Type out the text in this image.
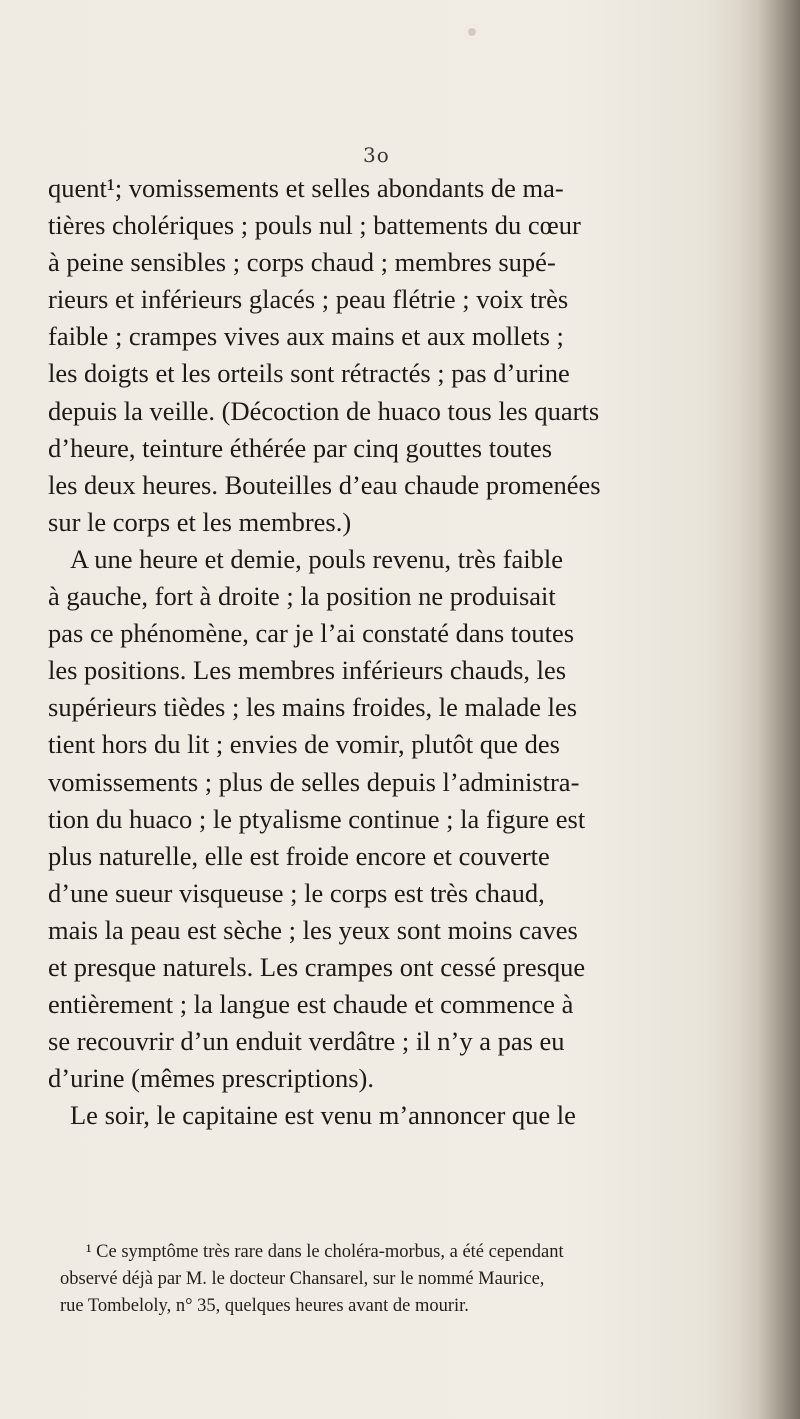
3o
quent¹; vomissements et selles abondants de ma-
tières cholériques ; pouls nul ; battements du cœur
à peine sensibles ; corps chaud ; membres supé-
rieurs et inférieurs glacés ; peau flétrie ; voix très
faible ; crampes vives aux mains et aux mollets ;
les doigts et les orteils sont rétractés ; pas d’urine
depuis la veille. (Décoction de huaco tous les quarts
d’heure, teinture éthérée par cinq gouttes toutes
les deux heures. Bouteilles d’eau chaude promenées
sur le corps et les membres.)
A une heure et demie, pouls revenu, très faible
à gauche, fort à droite ; la position ne produisait
pas ce phénomène, car je l’ai constaté dans toutes
les positions. Les membres inférieurs chauds, les
supérieurs tièdes ; les mains froides, le malade les
tient hors du lit ; envies de vomir, plutôt que des
vomissements ; plus de selles depuis l’administra-
tion du huaco ; le ptyalisme continue ; la figure est
plus naturelle, elle est froide encore et couverte
d’une sueur visqueuse ; le corps est très chaud,
mais la peau est sèche ; les yeux sont moins caves
et presque naturels. Les crampes ont cessé presque
entièrement ; la langue est chaude et commence à
se recouvrir d’un enduit verdâtre ; il n’y a pas eu
d’urine (mêmes prescriptions).
Le soir, le capitaine est venu m’annoncer que le
¹ Ce symptôme très rare dans le choléra-morbus, a été cependant
observé déjà par M. le docteur Chansarel, sur le nommé Maurice,
rue Tombeloly, n° 35, quelques heures avant de mourir.
